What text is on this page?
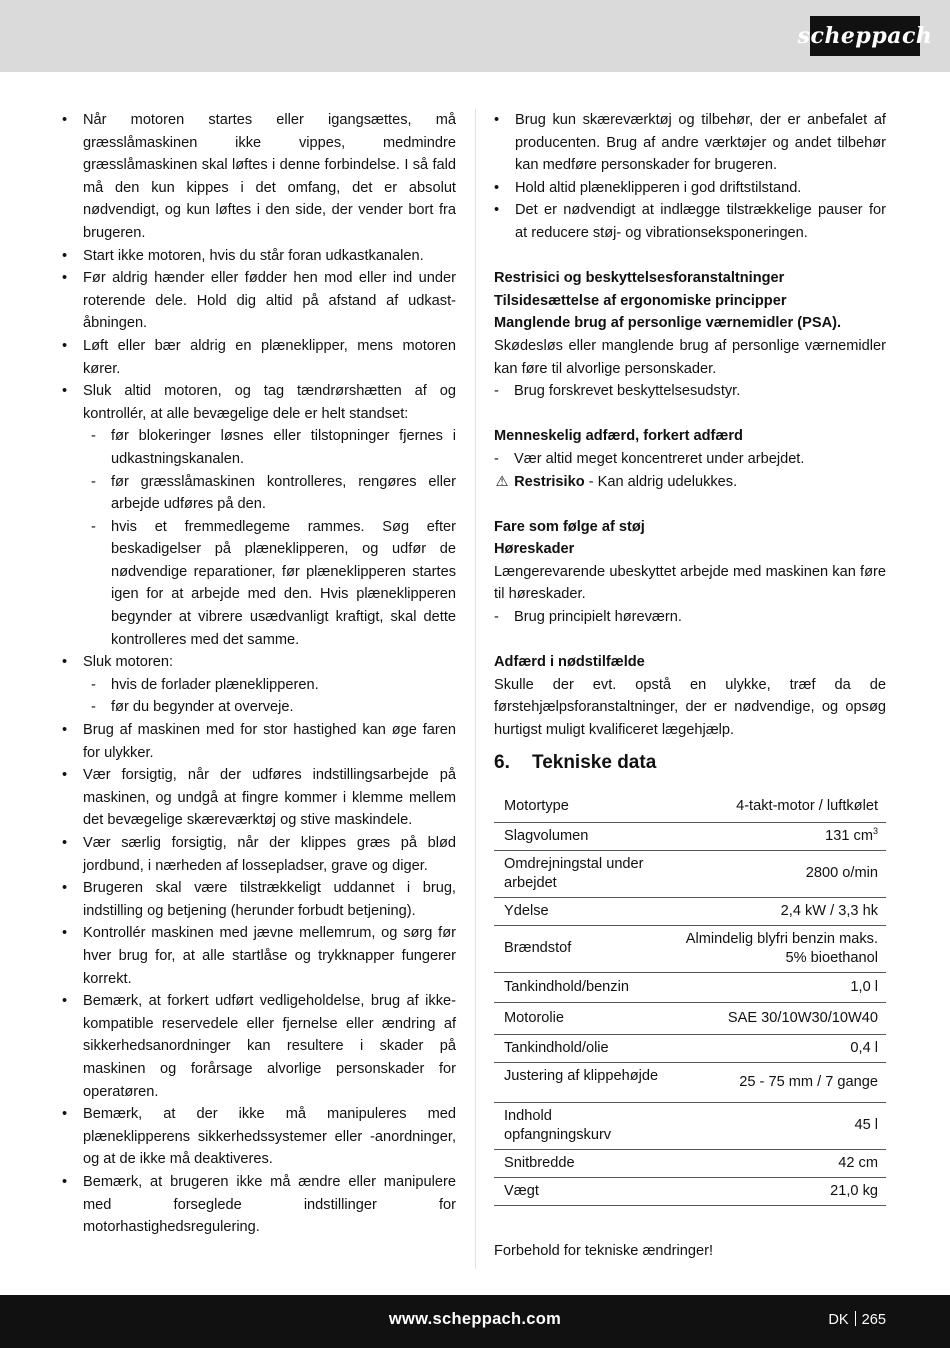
scheppach
• Når motoren startes eller igangsættes, må græsslåmaskinen ikke vippes, medmindre græsslåmaskinen skal løftes i denne forbindelse. I så fald må den kun kippes i det omfang, det er absolut nødvendigt, og kun løftes i den side, der vender bort fra brugeren.
• Start ikke motoren, hvis du står foran udkastkanalen.
• Før aldrig hænder eller fødder hen mod eller ind under roterende dele. Hold dig altid på afstand af udkast-åbningen.
• Løft eller bær aldrig en plæneklipper, mens motoren kører.
• Sluk altid motoren, og tag tændrørshætten af og kontrollér, at alle bevægelige dele er helt standset:
- før blokeringer løsnes eller tilstopninger fjernes i udkastningskanalen.
- før græsslåmaskinen kontrolleres, rengøres eller arbejde udføres på den.
- hvis et fremmedlegeme rammes. Søg efter beskadigelser på plæneklipperen, og udfør de nødvendige reparationer, før plæneklipperen startes igen for at arbejde med den. Hvis plæneklipperen begynder at vibrere usædvanligt kraftigt, skal dette kontrolleres med det samme.
• Sluk motoren:
- hvis de forlader plæneklipperen.
- før du begynder at overveje.
• Brug af maskinen med for stor hastighed kan øge faren for ulykker.
• Vær forsigtig, når der udføres indstillingsarbejde på maskinen, og undgå at fingre kommer i klemme mellem det bevægelige skæreværktøj og stive maskindele.
• Vær særlig forsigtig, når der klippes græs på blød jordbund, i nærheden af lossepladser, grave og diger.
• Brugeren skal være tilstrækkeligt uddannet i brug, indstilling og betjening (herunder forbudt betjening).
• Kontrollér maskinen med jævne mellemrum, og sørg før hver brug for, at alle startlåse og trykknapper fungerer korrekt.
• Bemærk, at forkert udført vedligeholdelse, brug af ikke-kompatible reservedele eller fjernelse eller ændring af sikkerhedsanordninger kan resultere i skader på maskinen og forårsage alvorlige personskader for operatøren.
• Bemærk, at der ikke må manipuleres med plæneklipperens sikkerhedssystemer eller -anordninger, og at de ikke må deaktiveres.
• Bemærk, at brugeren ikke må ændre eller manipulere med forseglede indstillinger for motorhastighedsregulering.
• Brug kun skæreværktøj og tilbehør, der er anbefalet af producenten. Brug af andre værktøjer og andet tilbehør kan medføre personskader for brugeren.
• Hold altid plæneklipperen i god driftstilstand.
• Det er nødvendigt at indlægge tilstrækkelige pauser for at reducere støj- og vibrationseksponeringen.

Restrisici og beskyttelsesforanstaltninger

Tilsidesættelse af ergonomiske principper

Manglende brug af personlige værnemidler (PSA).

Skødesløs eller manglende brug af personlige værnemidler kan føre til alvorlige personskader.

- Brug forskrevet beskyttelsesudstyr.

Menneskelig adfærd, forkert adfærd

- Vær altid meget koncentreret under arbejdet.

⚠ Restrisiko - Kan aldrig udelukkes.

Fare som følge af støj

Høreskader

Længerevarende ubeskyttet arbejde med maskinen kan føre til høreskader.

- Brug principielt høreværn.

Adfærd i nødstilfælde

Skulle der evt. opstå en ulykke, træf da de førstehjælpsforanstaltninger, der er nødvendige, og opsøg hurtigst muligt kvalificeret lægehjælp.

6. Tekniske data
Motortype	4-takt-motor / luftkølet
Slagvolumen	131 $cm^3$
Omdrejningstal under arbejdet	2800 o/min
Ydelse	2,4 kW / 3,3 hk
Brændstof	Almindelig blyfri benzin maks. 5% bioethanol
Tankindhold/benzin	1,0 l
Motorolie	SAE 30/10W30/10W40
Tankindhold/olie	0,4 l
Justering af klippehøjde	25 - 75 mm / 7 gange
Indhold opfangningskurv	45 l
Snitbredde	42 cm
Vægt	21,0 kg
Forbehold for tekniske ændringer!
www.scheppach.com	DK 265
